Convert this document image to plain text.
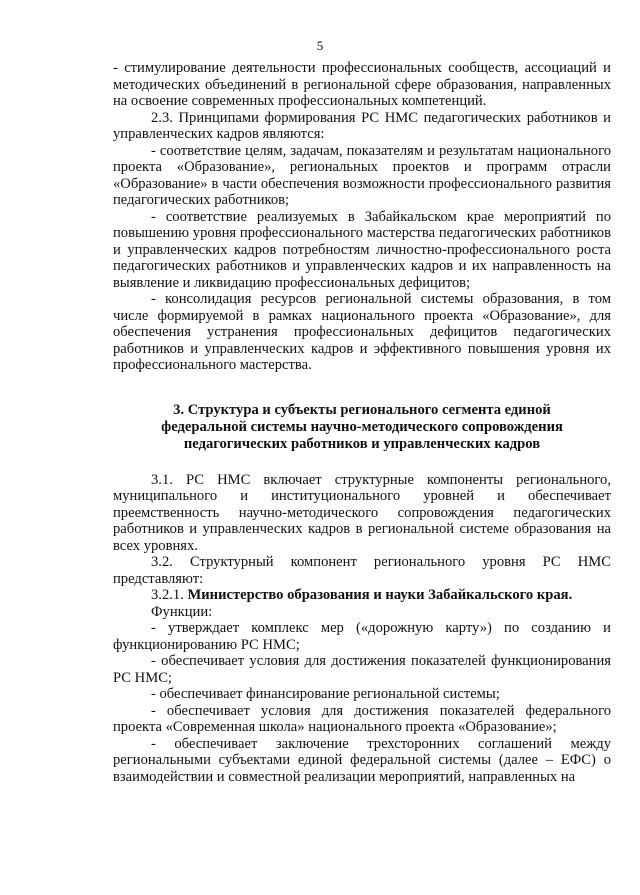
5

- стимулирование деятельности профессиональных сообществ, ассоциаций и методических объединений в региональной сфере образования, направленных на освоение современных профессиональных компетенций.

2.3. Принципами формирования РС НМС педагогических работников и управленческих кадров являются:

- соответствие целям, задачам, показателям и результатам национального проекта «Образование», региональных проектов и программ отрасли «Образование» в части обеспечения возможности профессионального развития педагогических работников;

- соответствие реализуемых в Забайкальском крае мероприятий по повышению уровня профессионального мастерства педагогических работников и управленческих кадров потребностям личностно-профессионального роста педагогических работников и управленческих кадров и их направленность на выявление и ликвидацию профессиональных дефицитов;

- консолидация ресурсов региональной системы образования, в том числе формируемой в рамках национального проекта «Образование», для обеспечения устранения профессиональных дефицитов педагогических работников и управленческих кадров и эффективного повышения уровня их профессионального мастерства.

3. Структура и субъекты регионального сегмента единой
федеральной системы научно-методического сопровождения
педагогических работников и управленческих кадров

3.1. РС НМС включает структурные компоненты регионального, муниципального и институционального уровней и обеспечивает преемственность научно-методического сопровождения педагогических работников и управленческих кадров в региональной системе образования на всех уровнях.

3.2. Структурный компонент регионального уровня РС НМС представляют:

3.2.1. Министерство образования и науки Забайкальского края.

Функции:

- утверждает комплекс мер («дорожную карту») по созданию и функционированию РС НМС;

- обеспечивает условия для достижения показателей функционирования РС НМС;

- обеспечивает финансирование региональной системы;

- обеспечивает условия для достижения показателей федерального проекта «Современная школа» национального проекта «Образование»;

- обеспечивает заключение трехсторонних соглашений между региональными субъектами единой федеральной системы (далее – ЕФС) о взаимодействии и совместной реализации мероприятий, направленных на
